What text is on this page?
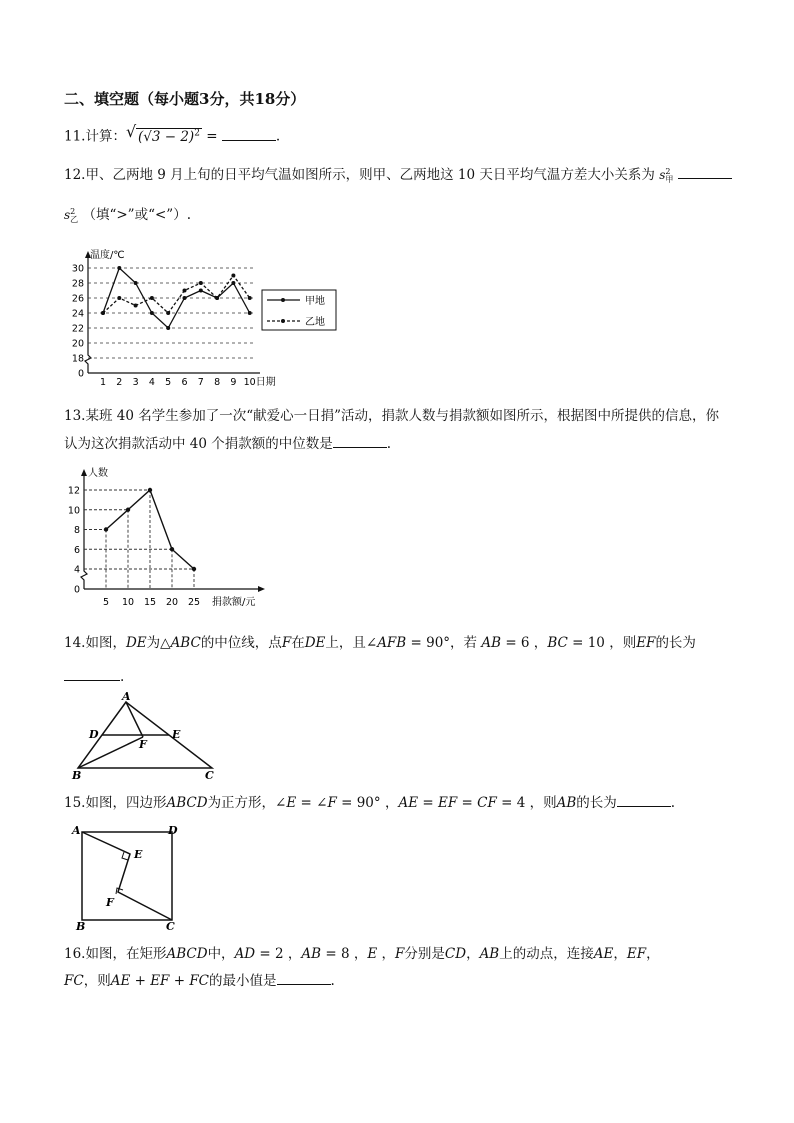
二、填空题（每小题3分，共18分）
11.计算： √ $(√3 - 2)^2$ =	.
12.甲、乙两地 9 月上旬的日平均气温如图所示，则甲、乙两地这 10 天日平均气温方差大小关系为 s2
甲
s2
乙 （填“>”或“<”）.
温度/℃
日期
18
20
22
24
26
28
30
0
1 2 3 4 5 6 7 8 9 10
甲地
乙地
13.某班 40 名学生参加了一次“献爱心一日捐”活动，捐款人数与捐款额如图所示，根据图中所提供的信息，你
认为这次捐款活动中 40 个捐款额的中位数是	.
人数
捐款额/元
4
6
8
10
12
0
5 10 15 20 25
14.如图，DE为△ABC的中位线，点F在DE上，且∠AFB = 90°，若 AB = 6 ，BC = 10 ，则EF的长为
.
A
D	E
F
B	C
15.如图，四边形ABCD为正方形，∠E = ∠F = 90° ，AE = EF = CF = 4 ，则AB的长为	.
A	D
E
F
B	C
16.如图，在矩形ABCD中，AD = 2 ，AB = 8 ，E ，F分别是CD，AB上的动点，连接AE，EF，
FC，则AE + EF + FC的最小值是	.
